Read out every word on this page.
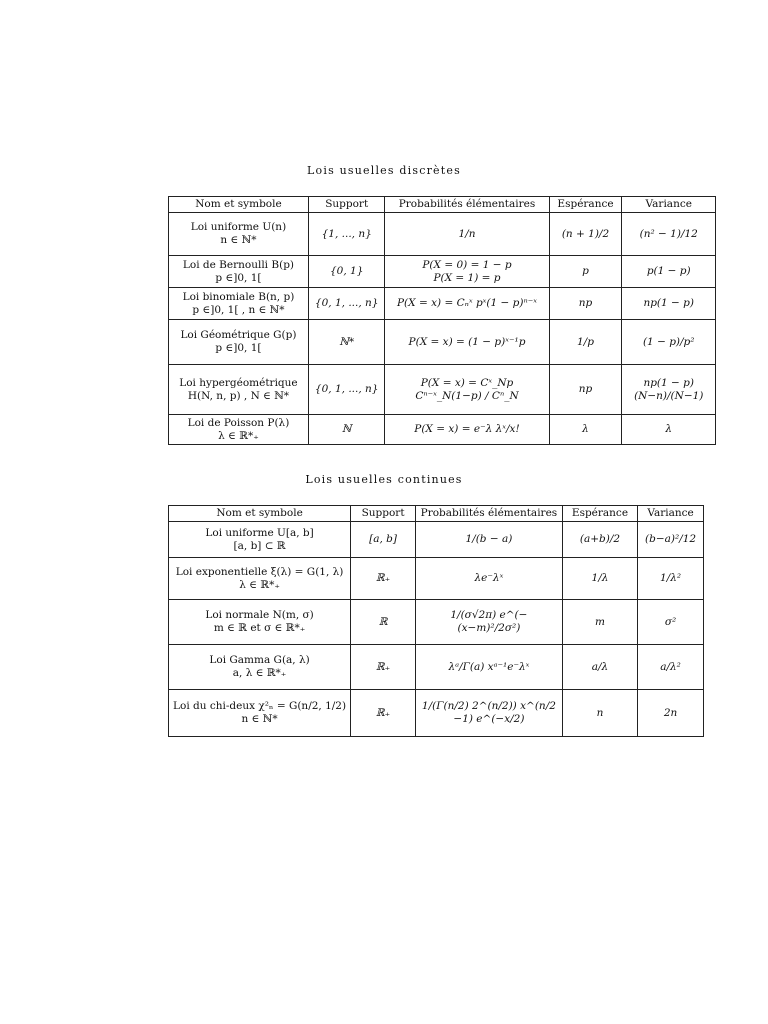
Lois usuelles discrètes
Nom et symbole	Support	Probabilités élémentaires	Espérance	Variance

Loi uniforme U(n)
n ∈ ℕ*	{1, ..., n}	1/n	(n + 1)/2	(n² − 1)/12

Loi de Bernoulli B(p)
p ∈]0, 1[	{0, 1}	P(X = 0) = 1 − p
P(X = 1) = p	p	p(1 − p)

Loi binomiale B(n, p)
p ∈]0, 1[ , n ∈ ℕ*	{0, 1, ..., n}	P(X = x) = Cₙˣ pˣ(1 − p)ⁿ⁻ˣ	np	np(1 − p)

Loi Géométrique G(p)
p ∈]0, 1[	ℕ*	P(X = x) = (1 − p)ˣ⁻¹p	1/p	(1 − p)/p²

Loi hypergéométrique
H(N, n, p) , N ∈ ℕ*	{0, 1, ..., n}	P(X = x) = Cˣ_Np Cⁿ⁻ˣ_N(1−p) / Cⁿ_N	np	np(1 − p)(N−n)/(N−1)

Loi de Poisson P(λ)
λ ∈ ℝ*₊	ℕ	P(X = x) = e⁻λ λˣ/x!	λ	λ
Lois usuelles continues
Nom et symbole	Support	Probabilités élémentaires	Espérance	Variance

Loi uniforme U[a, b]
[a, b] ⊂ ℝ	[a, b]	1/(b − a)	(a+b)/2	(b−a)²/12

Loi exponentielle ξ(λ) = G(1, λ)
λ ∈ ℝ*₊	ℝ₊	λe⁻λˣ	1/λ	1/λ²

Loi normale N(m, σ)
m ∈ ℝ et σ ∈ ℝ*₊	ℝ	1/(σ√2π) e^(−(x−m)²/2σ²)	m	σ²

Loi Gamma G(a, λ)
a, λ ∈ ℝ*₊	ℝ₊	λᵃ/Γ(a) xᵃ⁻¹e⁻λˣ	a/λ	a/λ²

Loi du chi-deux χ²ₙ = G(n/2, 1/2)
n ∈ ℕ*	ℝ₊	1/(Γ(n/2) 2^(n/2)) x^(n/2 −1) e^(−x/2)	n	2n
